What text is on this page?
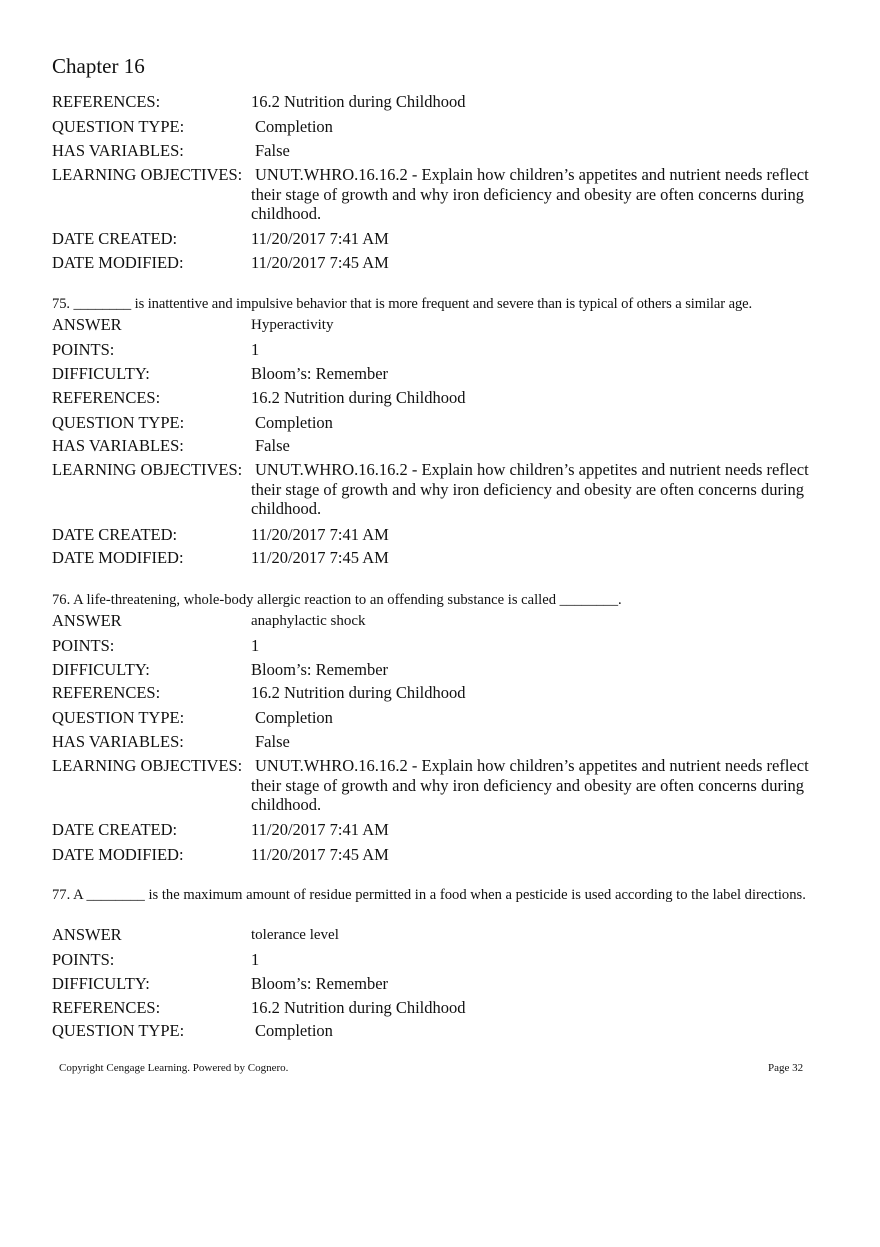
Chapter 16
REFERENCES:	16.2 Nutrition during Childhood
QUESTION TYPE:	Completion
HAS VARIABLES:	False
LEARNING OBJECTIVES: UNUT.WHRO.16.16.2 - Explain how children’s appetites and nutrient needs reflect their stage of growth and why iron deficiency and obesity are often concerns during childhood.
DATE CREATED:	11/20/2017 7:41 AM
DATE MODIFIED:	11/20/2017 7:45 AM
75. ________ is inattentive and impulsive behavior that is more frequent and severe than is typical of others a similar age.
ANSWER	Hyperactivity
POINTS:	1
DIFFICULTY:	Bloom’s: Remember
REFERENCES:	16.2 Nutrition during Childhood
QUESTION TYPE:	Completion
HAS VARIABLES:	False
LEARNING OBJECTIVES: UNUT.WHRO.16.16.2 - Explain how children’s appetites and nutrient needs reflect their stage of growth and why iron deficiency and obesity are often concerns during childhood.
DATE CREATED:	11/20/2017 7:41 AM
DATE MODIFIED:	11/20/2017 7:45 AM
76. A life-threatening, whole-body allergic reaction to an offending substance is called ________.
ANSWER	anaphylactic shock
POINTS:	1
DIFFICULTY:	Bloom’s: Remember
REFERENCES:	16.2 Nutrition during Childhood
QUESTION TYPE:	Completion
HAS VARIABLES:	False
LEARNING OBJECTIVES: UNUT.WHRO.16.16.2 - Explain how children’s appetites and nutrient needs reflect their stage of growth and why iron deficiency and obesity are often concerns during childhood.
DATE CREATED:	11/20/2017 7:41 AM
DATE MODIFIED:	11/20/2017 7:45 AM
77. A ________ is the maximum amount of residue permitted in a food when a pesticide is used according to the label directions.
ANSWER	tolerance level
POINTS:	1
DIFFICULTY:	Bloom’s: Remember
REFERENCES:	16.2 Nutrition during Childhood
QUESTION TYPE:	Completion
Copyright Cengage Learning. Powered by Cognero.	Page 32
